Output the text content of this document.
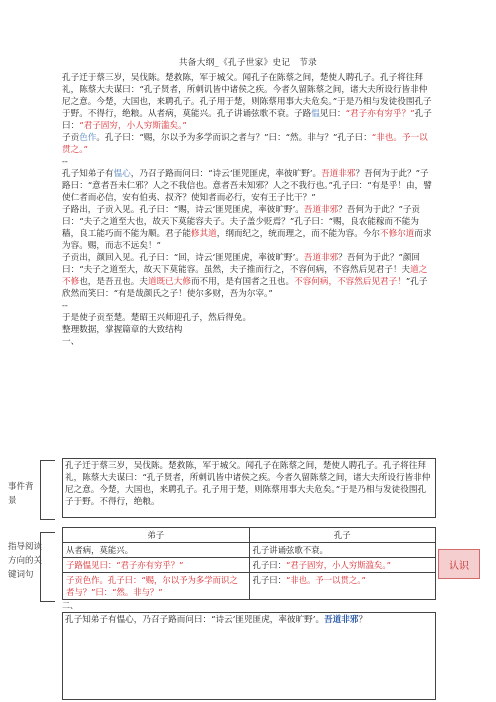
共备大纲_《孔子世家》史记 节录

孔子迁于蔡三岁，吴伐陈。楚救陈，军于城父。闻孔子在陈蔡之间，楚使人聘孔子。孔子将往拜礼，陈蔡大夫谋曰：“孔子贤者，所刺讥皆中诸侯之疾。今者久留陈蔡之间，诸大夫所设行皆非仲尼之意。今楚，大国也，来聘孔子。孔子用于楚，则陈蔡用事大夫危矣。”于是乃相与发徒役围孔子于野。不得行，绝粮。从者病，莫能兴。孔子讲诵弦歌不衰。子路愠见曰：“君子亦有穷乎？”孔子曰：“君子固穷，小人穷斯滥矣。”

子贡色作。孔子曰：“赐，尔以予为多学而识之者与？”曰：“然。非与？”孔子曰：“非也。予一以贯之。”

--

孔子知弟子有愠心，乃召子路而问曰：“诗云‘匪兕匪虎，率彼旷野’。吾道非邪？吾何为于此？”子路曰：“意者吾未仁邪？人之不我信也。意者吾未知邪？人之不我行也。”孔子曰：“有是乎！由，譬使仁者而必信，安有伯夷、叔齐？使知者而必行，安有王子比干？”

子路出，子贡入见。孔子曰：“赐，诗云‘匪兕匪虎，率彼旷野’。吾道非邪？吾何为于此？”子贡曰：“夫子之道至大也，故天下莫能容夫子。夫子盖少贬焉？”孔子曰：“赐，良农能稼而不能为穑，良工能巧而不能为顺。君子能修其道，纲而纪之，统而理之，而不能为容。今尔不修尔道而求为容。赐，而志不远矣！”

子贡出，颜回入见。孔子曰：“回，诗云‘匪兕匪虎，率彼旷野’。吾道非邪？吾何为于此？”颜回曰：“夫子之道至大，故天下莫能容。虽然，夫子推而行之，不容何病，不容然后见君子！夫道之不修也，是吾丑也。夫道既已大修而不用，是有国者之丑也。不容何病，不容然后见君子！”孔子欣然而笑曰：“有是哉颜氏之子！使尔多财，吾为尔宰。”

--

于是使子贡至楚。楚昭王兴师迎孔子，然后得免。

整理数据，掌握篇章的大致结构

一、

事件背景
指导阅读方向的关键词句
孔子迁于蔡三岁，吴伐陈。楚救陈，军于城父。闻孔子在陈蔡之间，楚使人聘孔子。孔子将往拜礼，陈蔡大夫谋曰：“孔子贤者，所刺讥皆中诸侯之疾。今者久留陈蔡之间，诸大夫所设行皆非仲尼之意。今楚，大国也，来聘孔子。孔子用于楚，则陈蔡用事大夫危矣。”于是乃相与发徒役围孔子于野。不得行，绝粮。
弟子	孔子
从者病，莫能兴。	孔子讲诵弦歌不衰。
子路愠见曰：“君子亦有穷乎？”	孔子曰：“君子固穷，小人穷斯滥矣。”
子贡色作。孔子曰：“赐，尔以予为多学而识之者与？”曰：“然。非与？”	孔子曰：“非也。予一以贯之。”
认识
二、
孔子知弟子有愠心，乃召子路而问曰：“诗云‘匪兕匪虎，率彼旷野’。吾道非邪？
